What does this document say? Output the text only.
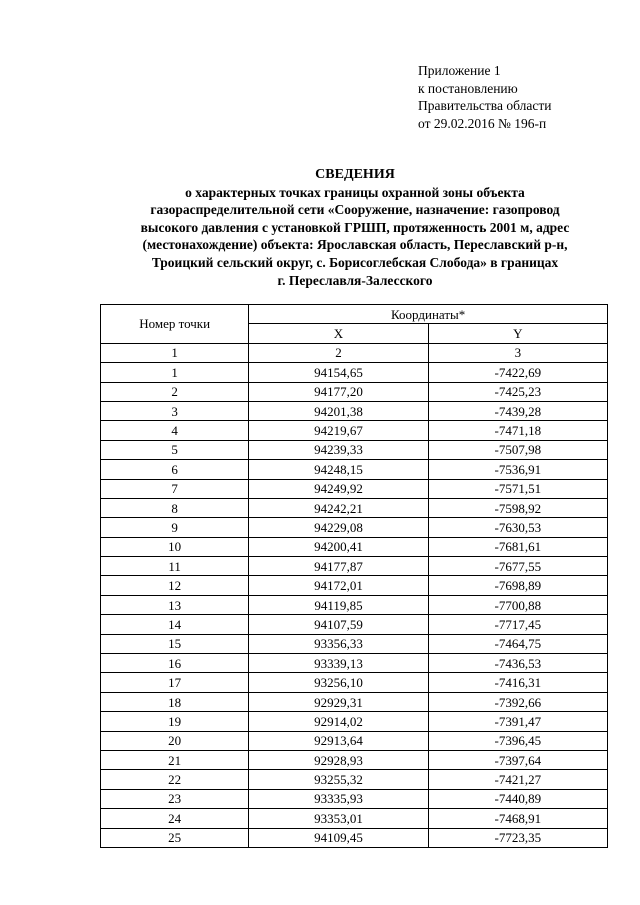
Приложение 1
к постановлению
Правительства области
от 29.02.2016 № 196-п
СВЕДЕНИЯ
о характерных точках границы охранной зоны объекта
газораспределительной сети «Сооружение, назначение: газопровод
высокого давления с установкой ГРШП, протяженность 2001 м, адрес
(местонахождение) объекта: Ярославская область, Переславский р-н,
Троицкий сельский округ, с. Борисоглебская Слобода» в границах
г. Переславля-Залесского
Номер точки	Координаты*	
	X	Y
1	2	3
1	94154,65	-7422,69
2	94177,20	-7425,23
3	94201,38	-7439,28
4	94219,67	-7471,18
5	94239,33	-7507,98
6	94248,15	-7536,91
7	94249,92	-7571,51
8	94242,21	-7598,92
9	94229,08	-7630,53
10	94200,41	-7681,61
11	94177,87	-7677,55
12	94172,01	-7698,89
13	94119,85	-7700,88
14	94107,59	-7717,45
15	93356,33	-7464,75
16	93339,13	-7436,53
17	93256,10	-7416,31
18	92929,31	-7392,66
19	92914,02	-7391,47
20	92913,64	-7396,45
21	92928,93	-7397,64
22	93255,32	-7421,27
23	93335,93	-7440,89
24	93353,01	-7468,91
25	94109,45	-7723,35
